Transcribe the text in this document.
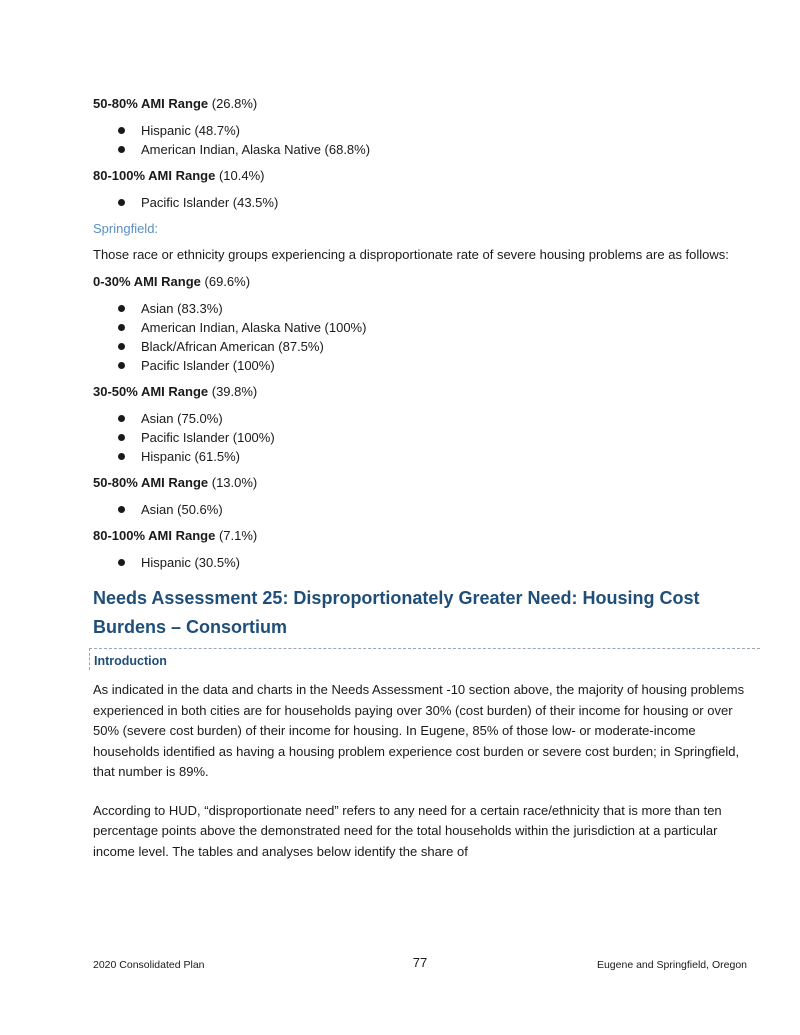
50-80% AMI Range (26.8%)
Hispanic (48.7%)
American Indian, Alaska Native (68.8%)
80-100% AMI Range (10.4%)
Pacific Islander (43.5%)
Springfield:
Those race or ethnicity groups experiencing a disproportionate rate of severe housing problems are as follows:
0-30% AMI Range (69.6%)
Asian (83.3%)
American Indian, Alaska Native (100%)
Black/African American (87.5%)
Pacific Islander (100%)
30-50% AMI Range (39.8%)
Asian (75.0%)
Pacific Islander (100%)
Hispanic (61.5%)
50-80% AMI Range (13.0%)
Asian (50.6%)
80-100% AMI Range (7.1%)
Hispanic (30.5%)
Needs Assessment 25: Disproportionately Greater Need: Housing Cost Burdens – Consortium
Introduction
As indicated in the data and charts in the Needs Assessment -10 section above, the majority of housing problems experienced in both cities are for households paying over 30% (cost burden) of their income for housing or over 50% (severe cost burden) of their income for housing. In Eugene, 85% of those low- or moderate-income households identified as having a housing problem experience cost burden or severe cost burden; in Springfield, that number is 89%.
According to HUD, “disproportionate need” refers to any need for a certain race/ethnicity that is more than ten percentage points above the demonstrated need for the total households within the jurisdiction at a particular income level. The tables and analyses below identify the share of
2020 Consolidated Plan	77	Eugene and Springfield, Oregon
